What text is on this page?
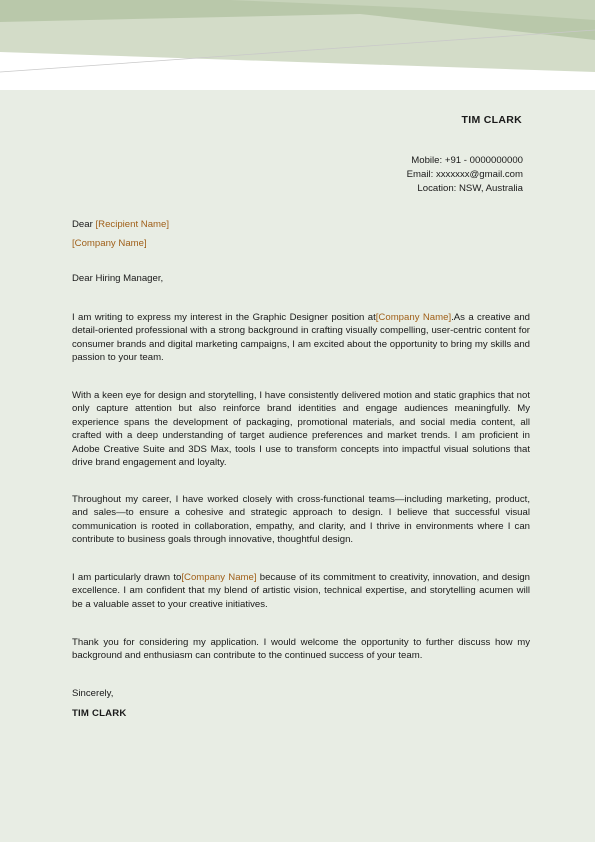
TIM CLARK
Mobile: +91 - 0000000000
Email: xxxxxxx@gmail.com
Location: NSW, Australia
Dear [Recipient Name]
[Company Name]
Dear Hiring Manager,
I am writing to express my interest in the Graphic Designer position at[Company Name].As a creative and detail-oriented professional with a strong background in crafting visually compelling, user-centric content for consumer brands and digital marketing campaigns, I am excited about the opportunity to bring my skills and passion to your team.
With a keen eye for design and storytelling, I have consistently delivered motion and static graphics that not only capture attention but also reinforce brand identities and engage audiences meaningfully. My experience spans the development of packaging, promotional materials, and social media content, all crafted with a deep understanding of target audience preferences and market trends. I am proficient in Adobe Creative Suite and 3DS Max, tools I use to transform concepts into impactful visual solutions that drive brand engagement and loyalty.
Throughout my career, I have worked closely with cross-functional teams—including marketing, product, and sales—to ensure a cohesive and strategic approach to design. I believe that successful visual communication is rooted in collaboration, empathy, and clarity, and I thrive in environments where I can contribute to business goals through innovative, thoughtful design.
I am particularly drawn to[Company Name] because of its commitment to creativity, innovation, and design excellence. I am confident that my blend of artistic vision, technical expertise, and storytelling acumen will be a valuable asset to your creative initiatives.
Thank you for considering my application. I would welcome the opportunity to further discuss how my background and enthusiasm can contribute to the continued success of your team.
Sincerely,
TIM CLARK
